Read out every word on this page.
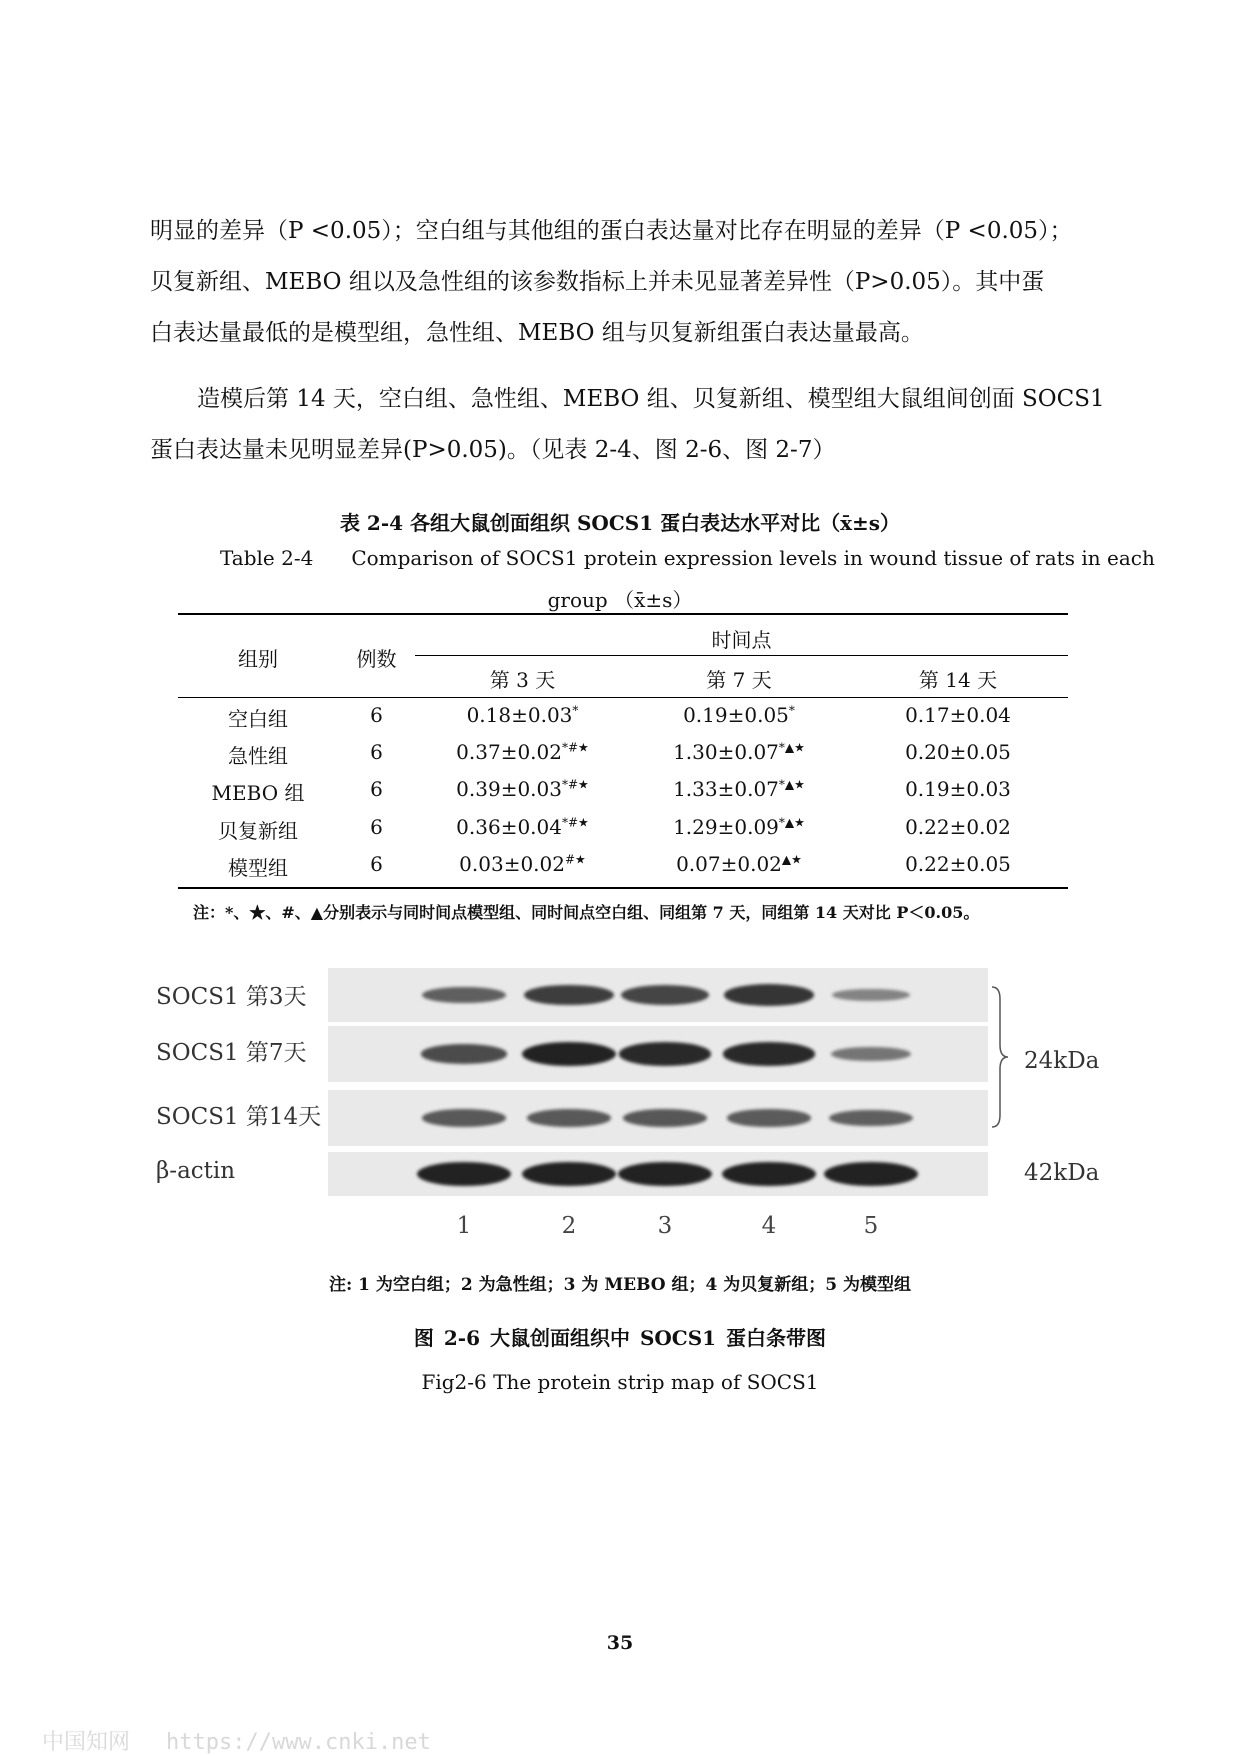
明显的差异（P <0.05）；空白组与其他组的蛋白表达量对比存在明显的差异（P <0.05）；
贝复新组、MEBO 组以及急性组的该参数指标上并未见显著差异性（P>0.05）。其中蛋
白表达量最低的是模型组，急性组、MEBO 组与贝复新组蛋白表达量最高。
造模后第 14 天，空白组、急性组、MEBO 组、贝复新组、模型组大鼠组间创面 SOCS1
蛋白表达量未见明显差异(P>0.05)。（见表 2-4、图 2-6、图 2-7）
表 2-4 各组大鼠创面组织 SOCS1 蛋白表达水平对比（x̄±s）
Table 2-4 Comparison of SOCS1 protein expression levels in wound tissue of rats in each
group （x̄±s）
组别	例数
时间点
第 3 天	第 7 天	第 14 天
空白组	6	0.18±0.03*	0.19±0.05*	0.17±0.04
急性组	6	0.37±0.02*#★	1.30±0.07*▲★	0.20±0.05
MEBO 组	6	0.39±0.03*#★	1.33±0.07*▲★	0.19±0.03
贝复新组	6	0.36±0.04*#★	1.29±0.09*▲★	0.22±0.02
模型组	6	0.03±0.02#★	0.07±0.02▲★	0.22±0.05
注：*、★、#、▲分别表示与同时间点模型组、同时间点空白组、同组第 7 天，同组第 14 天对比 P＜0.05。
SOCS1 第3天
SOCS1 第7天
SOCS1 第14天
β-actin
24kDa
42kDa
1	2	3	4	5
注: 1 为空白组；2 为急性组；3 为 MEBO 组；4 为贝复新组；5 为模型组
图 2-6 大鼠创面组织中 SOCS1 蛋白条带图
Fig2-6 The protein strip map of SOCS1
35
中国知网 https://www.cnki.net
